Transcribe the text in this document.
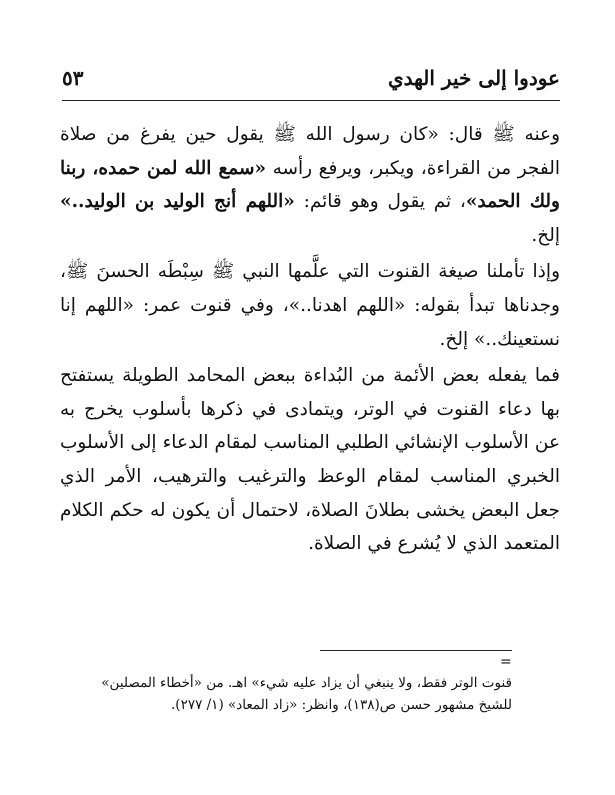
عودوا إلى خير الهدي
٥٣

وعنه ﷺ قال: «كان رسول الله ﷺ يقول حين يفرغ من صلاة الفجر من القراءة، ويكبر، ويرفع رأسه «سمع الله لمن حمده، ربنا ولك الحمد»، ثم يقول وهو قائم: «اللهم أنج الوليد بن الوليد..» إلخ.

وإذا تأملنا صيغة القنوت التي علَّمها النبي ﷺ سِبْطَه الحسنَ ﷺ، وجدناها تبدأ بقوله: «اللهم اهدنا..»، وفي قنوت عمر: «اللهم إنا نستعينك..» إلخ.

فما يفعله بعض الأئمة من البُداءة ببعض المحامد الطويلة يستفتح بها دعاء القنوت في الوتر، ويتمادى في ذكرها بأسلوب يخرج به عن الأسلوب الإنشائي الطلبي المناسب لمقام الدعاء إلى الأسلوب الخبري المناسب لمقام الوعظ والترغيب والترهيب، الأمر الذي جعل البعض يخشى بطلانَ الصلاة، لاحتمال أن يكون له حكم الكلام المتعمد الذي لا يُشرع في الصلاة.

=

قنوت الوتر فقط، ولا ينبغي أن يزاد عليه شيء» اهـ. من «أخطاء المصلين»

للشيخ مشهور حسن ص(١٣٨)، وانظر: «زاد المعاد» (١/ ٢٧٧).
